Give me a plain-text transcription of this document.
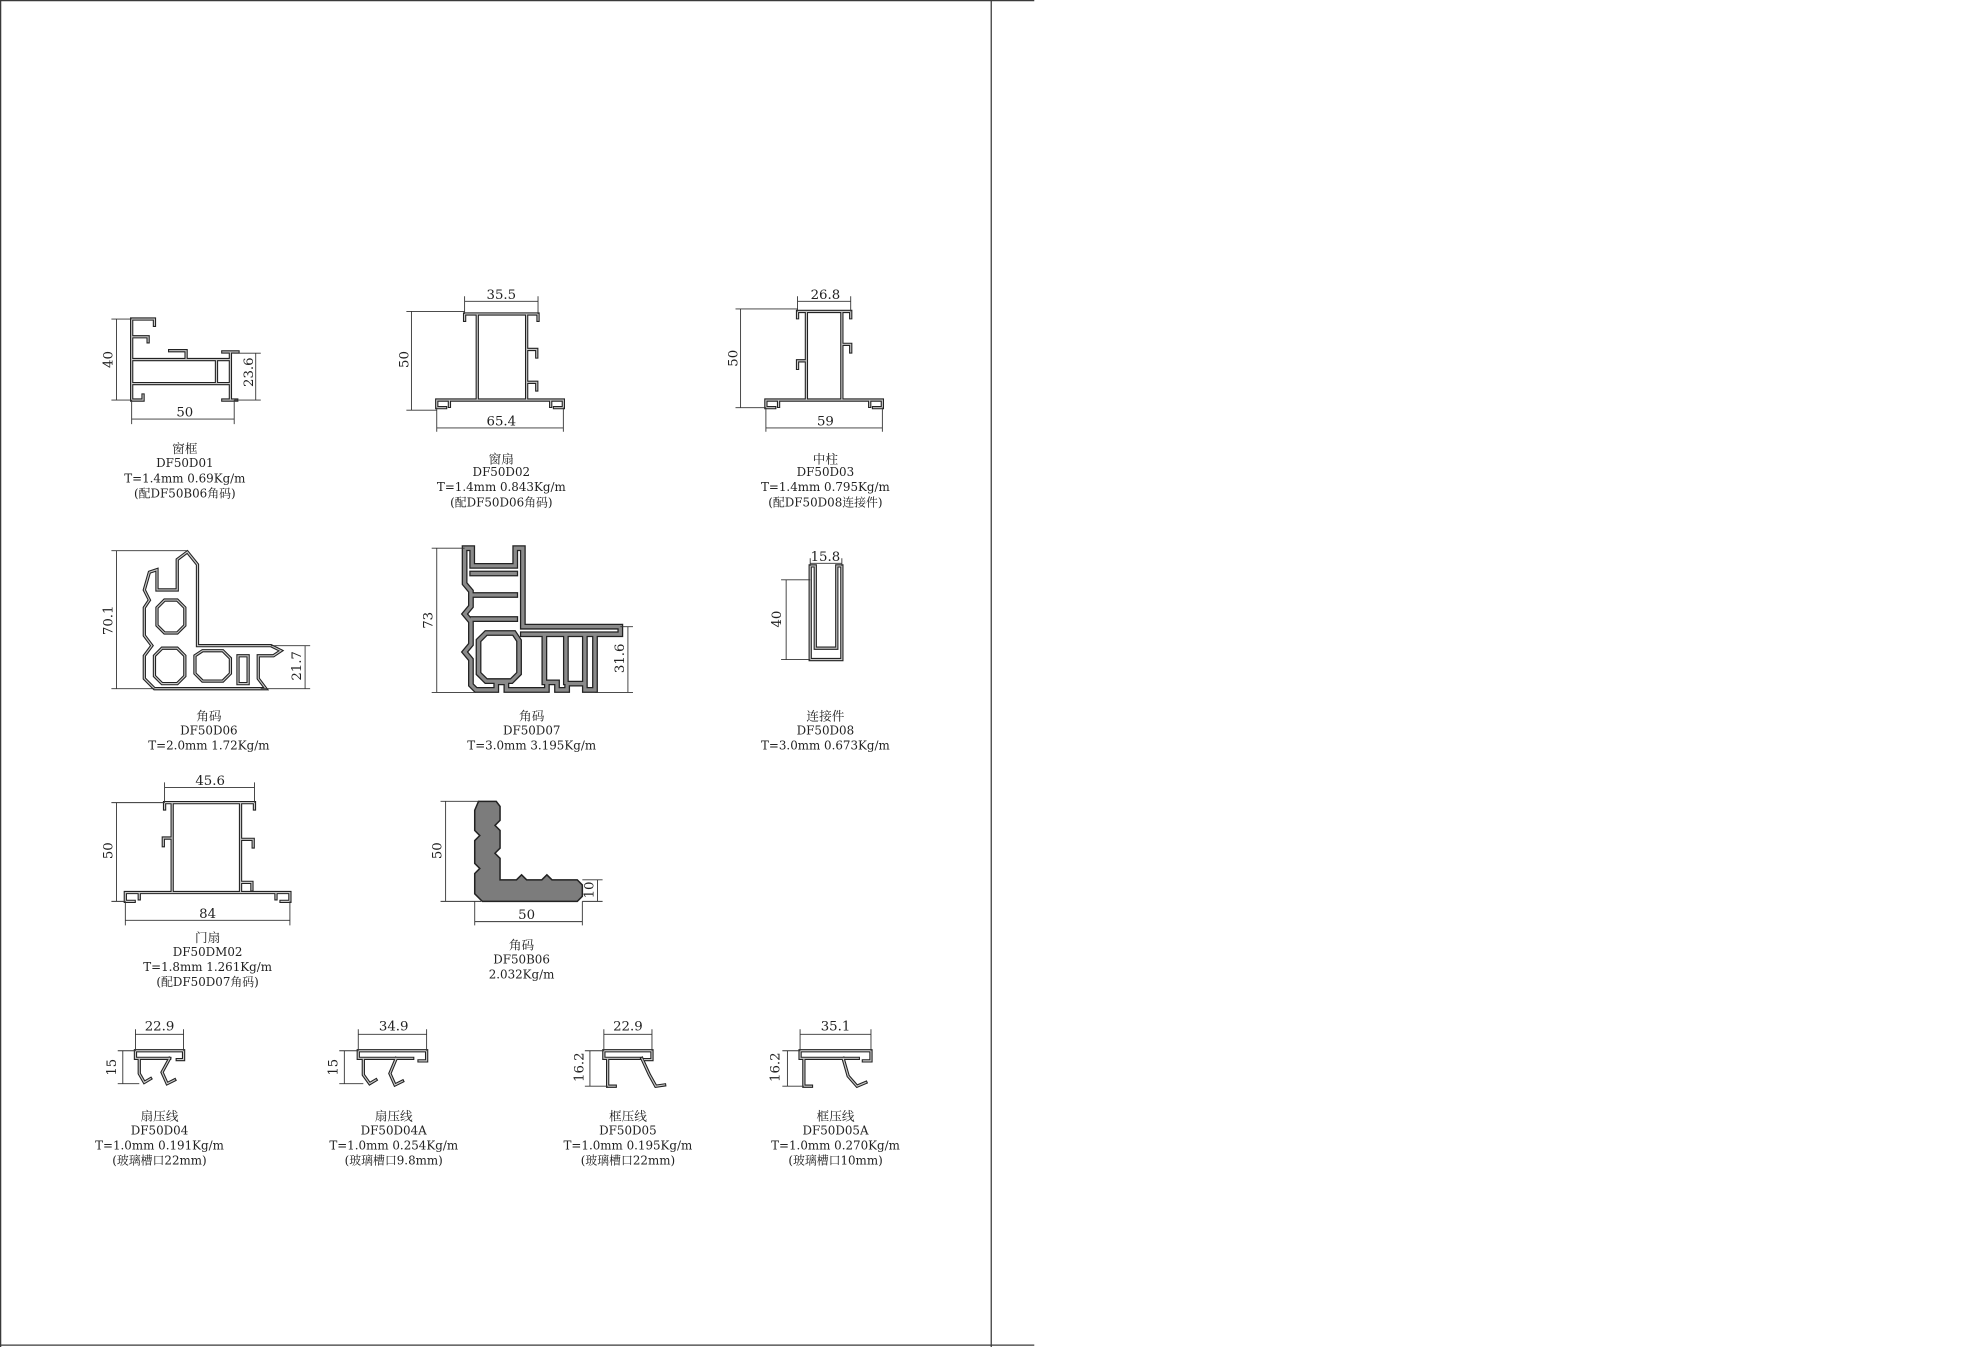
40	23.6
50
窗框
DF50D01
T=1.4mm 0.69Kg/m
(配DF50B06角码)
35.5
50
65.4
窗扇
DF50D02
T=1.4mm 0.843Kg/m
(配DF50D06角码)
26.8
50
59
中柱
DF50D03
T=1.4mm 0.795Kg/m
(配DF50D08连接件)
70.1
21.7
角码
DF50D06
T=2.0mm 1.72Kg/m
73
31.6
角码
DF50D07
T=3.0mm 3.195Kg/m
15.8
40
连接件
DF50D08
T=3.0mm 0.673Kg/m
45.6
50
84
门扇
DF50DM02
T=1.8mm 1.261Kg/m
(配DF50D07角码)
50
10
50
角码
DF50B06
2.032Kg/m
22.9
15
扇压线
DF50D04
T=1.0mm 0.191Kg/m
(玻璃槽口22mm)
34.9
15
扇压线
DF50D04A
T=1.0mm 0.254Kg/m
(玻璃槽口9.8mm)
22.9
16.2
框压线
DF50D05
T=1.0mm 0.195Kg/m
(玻璃槽口22mm)
35.1
16.2
框压线
DF50D05A
T=1.0mm 0.270Kg/m
(玻璃槽口10mm)
